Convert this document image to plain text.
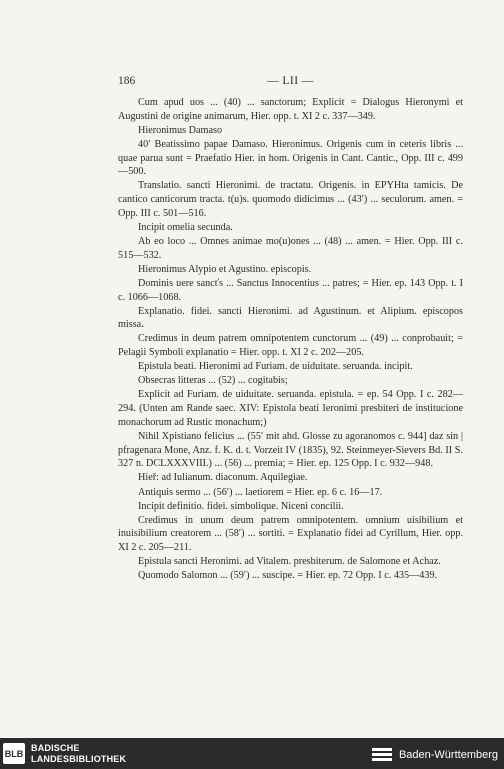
186	— LII —

Cum apud uos ... (40) ... sanctorum; Explicit = Dialogus Hieronymi et Augustini de origine animarum, Hier. opp. t. XI 2 c. 337—349.

Hieronimus Damaso

40′ Beatissimo papae Damaso. Hieronimus. Origenis cum in ceteris libris ... quae parua sunt = Praefatio Hier. in hom. Origenis in Cant. Cantic., Opp. III c. 499—500.

Translatio. sancti Hieronimi. de tractatu. Origenis. in EPYHta tamicis. De cantico canticorum tracta. t(u)s. quomodo didicimus ... (43′) ... seculorum. amen. = Opp. III c. 501—516.

Incipit omelia secunda.

Ab eo loco ... Omnes animae mo(u)ones ... (48) ... amen. = Hier. Opp. III c. 515—532.

Hieronimus Alypio et Agustino. episcopis.

Dominis uere sancťs ... Sanctus Innocentius ... patres; = Hier. ep. 143 Opp. t. I c. 1066—1068.

Explanatio. fidei. sancti Hieronimi. ad Agustinum. et Alipium. episcopos missa.

Credimus in deum patrem omnipotentem cunctorum ... (49) ... conprobauit; = Pelagii Symboli explanatio = Hier. opp. t. XI 2 c. 202—205.

Epistula beati. Hieronimi ad Furiam. de uiduitate. seruanda. incipit.

Obsecras litteras ... (52) ... cogitabis;

Explicit ad Furiam. de uiduitate. seruanda. epistula. = ep. 54 Opp. I c. 282—294. (Unten am Rande saec. XIV: Epistola beati Ieronimi presbiteri de institucione monachorum ad Rustic monachum;)

Nihil Xpistiano felicius ... (55′ mit ahd. Glosse zu agoranomos c. 944] daz sin | pfragenara Mone, Anz. f. K. d. t. Vorzeit IV (1835), 92. Steinmeyer-Sievers Bd. II S. 327 n. DCLXXXVIII.) ... (56) ... premia; = Hier. ep. 125 Opp. I c. 932—948.

Hieř: ad Iulianum. diaconum. Aquilegiae.

Antiquis sermo ... (56′) ... laetiorem = Hier. ep. 6 c. 16—17.

Incipit definitio. fidei. simbolique. Niceni concilii.

Credimus in unum deum patrem omnipotentem. omnium uisibilium et inuisibilium creatorem ... (58′) ... sortiti. = Explanatio fidei ad Cyrillum, Hier. opp. XI 2 c. 205—211.

Epistula sancti Heronimi. ad Vitalem. presbiterum. de Salomone et Achaz.

Quomodo Salomon ... (59′) ... suscipe. = Hier. ep. 72 Opp. I c. 435—439.

BLB
BADISCHE
LANDESBIBLIOTHEK	Baden-Württemberg
